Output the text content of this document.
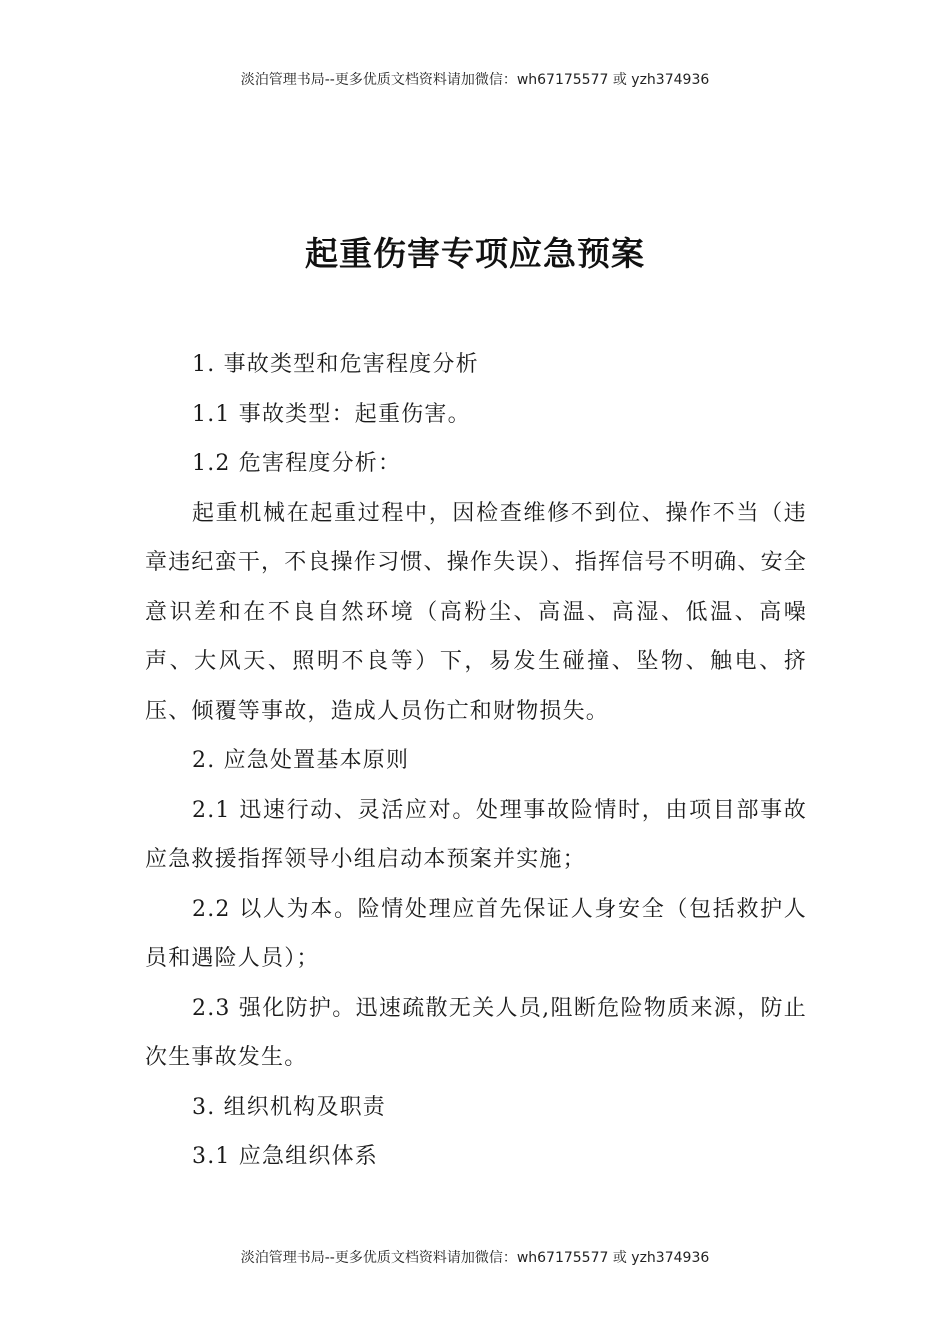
淡泊管理书局--更多优质文档资料请加微信：wh67175577 或 yzh374936
起重伤害专项应急预案

1. 事故类型和危害程度分析

1.1 事故类型：起重伤害。

1.2 危害程度分析：

起重机械在起重过程中，因检查维修不到位、操作不当（违章违纪蛮干，不良操作习惯、操作失误）、指挥信号不明确、安全意识差和在不良自然环境（高粉尘、高温、高湿、低温、高噪声、大风天、照明不良等）下，易发生碰撞、坠物、触电、挤压、倾覆等事故，造成人员伤亡和财物损失。

2. 应急处置基本原则

2.1 迅速行动、灵活应对。处理事故险情时，由项目部事故应急救援指挥领导小组启动本预案并实施；

2.2 以人为本。险情处理应首先保证人身安全（包括救护人员和遇险人员）；

2.3 强化防护。迅速疏散无关人员,阻断危险物质来源，防止次生事故发生。

3. 组织机构及职责

3.1 应急组织体系

淡泊管理书局--更多优质文档资料请加微信：wh67175577 或 yzh374936
